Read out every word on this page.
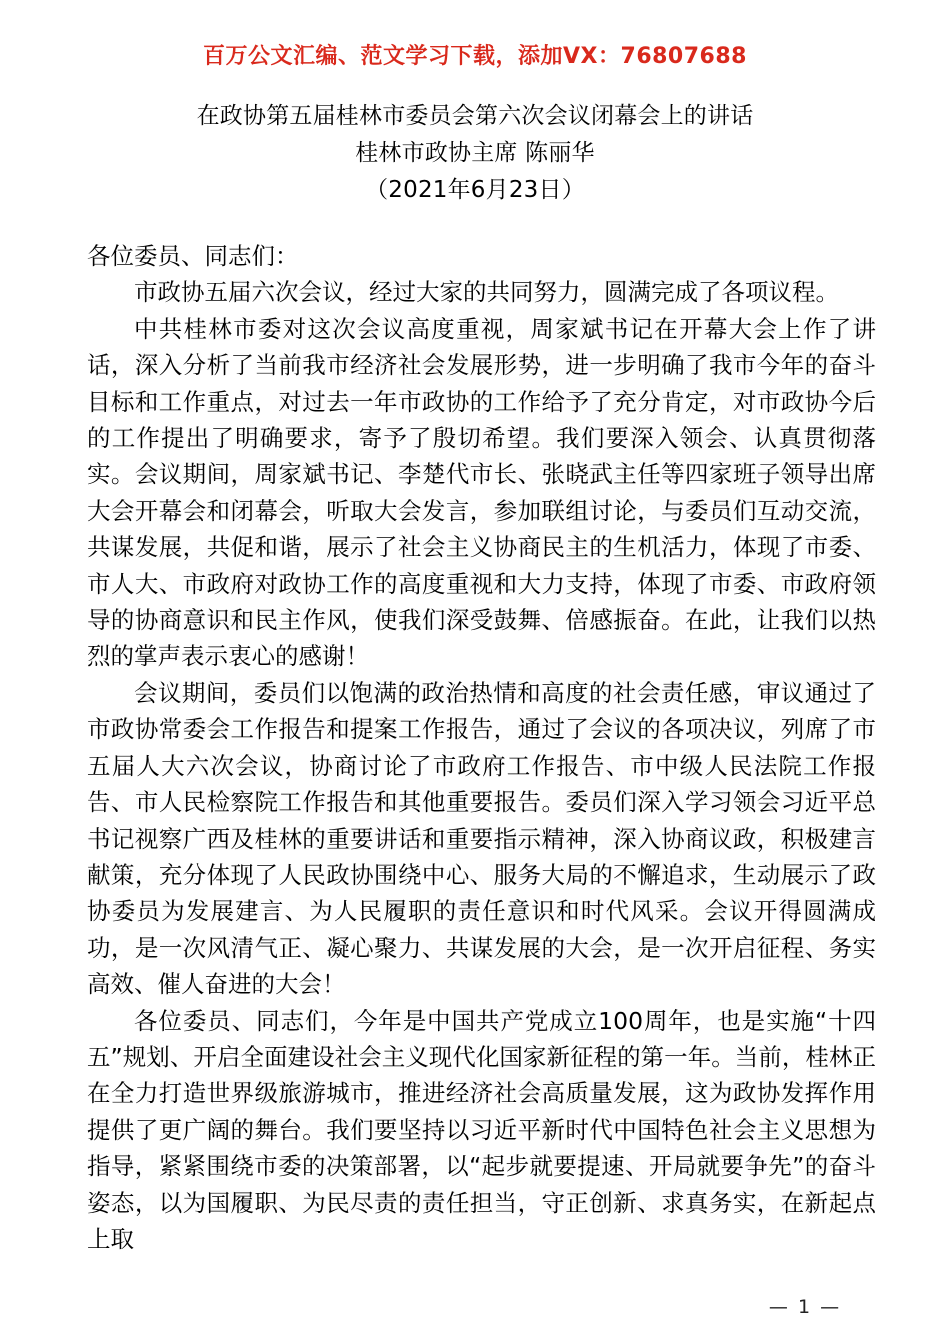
百万公文汇编、范文学习下载，添加VX：76807688
在政协第五届桂林市委员会第六次会议闭幕会上的讲话
桂林市政协主席 陈丽华
（2021年6月23日）

各位委员、同志们：

市政协五届六次会议，经过大家的共同努力，圆满完成了各项议程。

中共桂林市委对这次会议高度重视，周家斌书记在开幕大会上作了讲话，深入分析了当前我市经济社会发展形势，进一步明确了我市今年的奋斗目标和工作重点，对过去一年市政协的工作给予了充分肯定，对市政协今后的工作提出了明确要求，寄予了殷切希望。我们要深入领会、认真贯彻落实。会议期间，周家斌书记、李楚代市长、张晓武主任等四家班子领导出席大会开幕会和闭幕会，听取大会发言，参加联组讨论，与委员们互动交流，共谋发展，共促和谐，展示了社会主义协商民主的生机活力，体现了市委、市人大、市政府对政协工作的高度重视和大力支持，体现了市委、市政府领导的协商意识和民主作风，使我们深受鼓舞、倍感振奋。在此，让我们以热烈的掌声表示衷心的感谢！

会议期间，委员们以饱满的政治热情和高度的社会责任感，审议通过了市政协常委会工作报告和提案工作报告，通过了会议的各项决议，列席了市五届人大六次会议，协商讨论了市政府工作报告、市中级人民法院工作报告、市人民检察院工作报告和其他重要报告。委员们深入学习领会习近平总书记视察广西及桂林的重要讲话和重要指示精神，深入协商议政，积极建言献策，充分体现了人民政协围绕中心、服务大局的不懈追求，生动展示了政协委员为发展建言、为人民履职的责任意识和时代风采。会议开得圆满成功，是一次风清气正、凝心聚力、共谋发展的大会，是一次开启征程、务实高效、催人奋进的大会！

各位委员、同志们，今年是中国共产党成立100周年，也是实施“十四五”规划、开启全面建设社会主义现代化国家新征程的第一年。当前，桂林正在全力打造世界级旅游城市，推进经济社会高质量发展，这为政协发挥作用提供了更广阔的舞台。我们要坚持以习近平新时代中国特色社会主义思想为指导，紧紧围绕市委的决策部署，以“起步就要提速、开局就要争先”的奋斗姿态，以为国履职、为民尽责的责任担当，守正创新、求真务实，在新起点上取

— 1 —
